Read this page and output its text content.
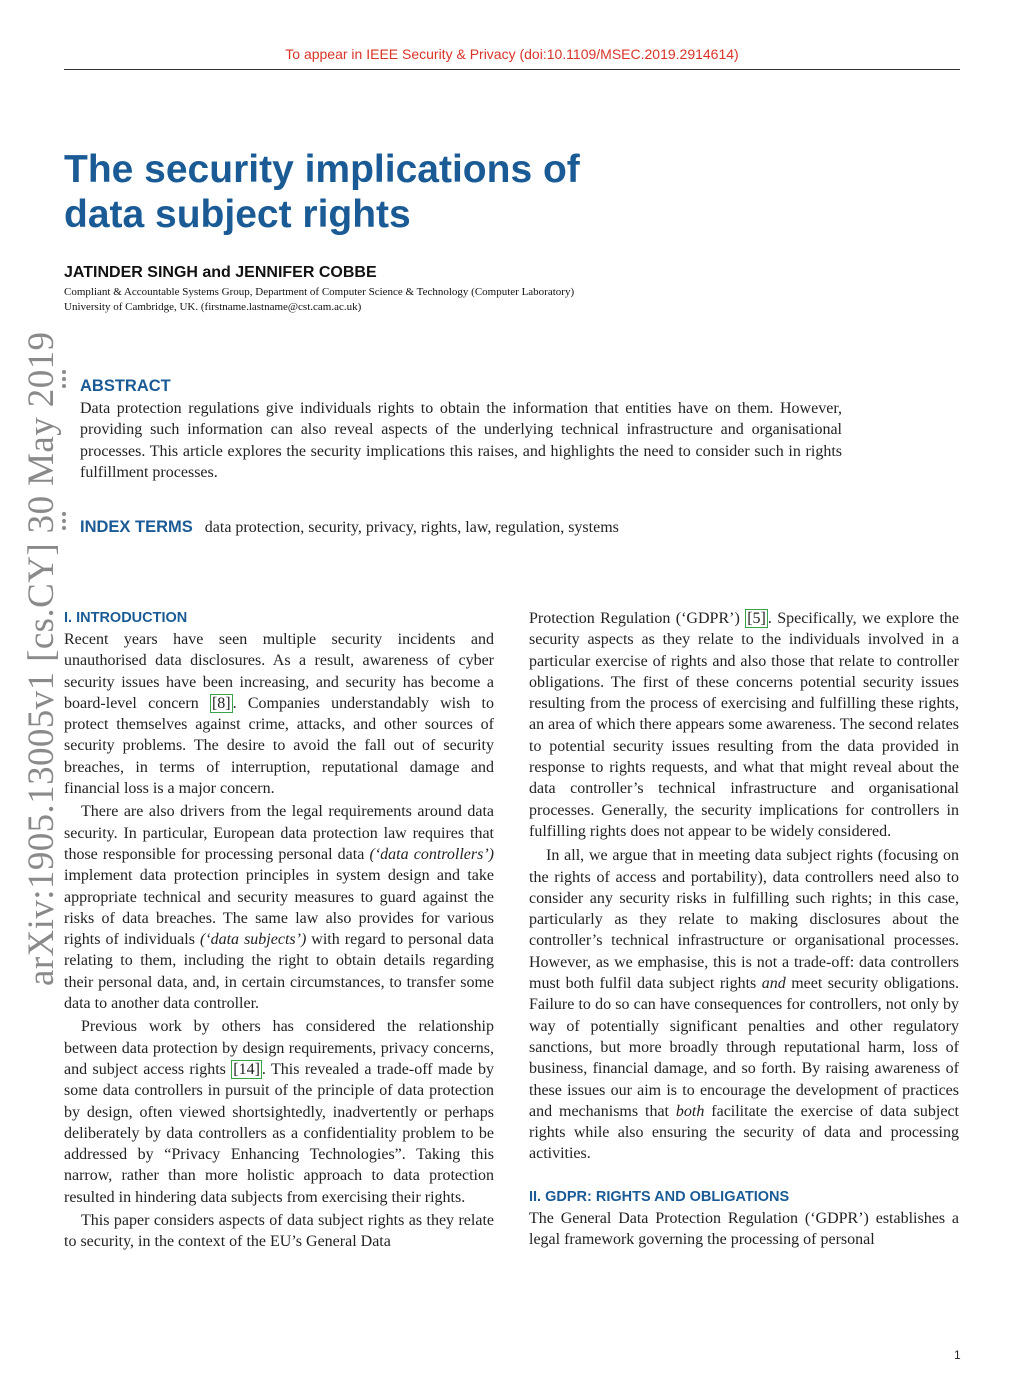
To appear in IEEE Security & Privacy (doi:10.1109/MSEC.2019.2914614)
The security implications of
data subject rights
JATINDER SINGH and JENNIFER COBBE
Compliant & Accountable Systems Group, Department of Computer Science & Technology (Computer Laboratory)
University of Cambridge, UK. (firstname.lastname@cst.cam.ac.uk)
arXiv:1905.13005v1 [cs.CY] 30 May 2019 ABSTRACT
Data protection regulations give individuals rights to obtain the information that entities have on them. However, providing such information can also reveal aspects of the underlying technical infrastructure and organisational processes. This article explores the security implications this raises, and highlights the need to consider such in rights fulfillment processes.
INDEX TERMS data protection, security, privacy, rights, law, regulation, systems
I. INTRODUCTION

Recent years have seen multiple security incidents and unauthorised data disclosures. As a result, awareness of cyber security issues have been increasing, and security has become a board-level concern [8] . Companies understandably wish to protect themselves against crime, attacks, and other sources of security problems. The desire to avoid the fall out of security breaches, in terms of interruption, reputational damage and financial loss is a major concern.

There are also drivers from the legal requirements around data security. In particular, European data protection law requires that those responsible for processing personal data (‘data controllers’) implement data protection principles in system design and take appropriate technical and security measures to guard against the risks of data breaches. The same law also provides for various rights of individuals (‘data subjects’) with regard to personal data relating to them, including the right to obtain details regarding their personal data, and, in certain circumstances, to transfer some data to another data controller.

Previous work by others has considered the relationship between data protection by design requirements, privacy concerns, and subject access rights [14] . This revealed a trade-off made by some data controllers in pursuit of the principle of data protection by design, often viewed shortsightedly, inadvertently or perhaps deliberately by data controllers as a confidentiality problem to be addressed by “Privacy Enhancing Technologies”. Taking this narrow, rather than more holistic approach to data protection resulted in hindering data subjects from exercising their rights.

This paper considers aspects of data subject rights as they relate to security, in the context of the EU’s General Data

Protection Regulation (‘GDPR’) [5] . Specifically, we explore the security aspects as they relate to the individuals involved in a particular exercise of rights and also those that relate to controller obligations. The first of these concerns potential security issues resulting from the process of exercising and fulfilling these rights, an area of which there appears some awareness. The second relates to potential security issues resulting from the data provided in response to rights requests, and what that might reveal about the data controller’s technical infrastructure and organisational processes. Generally, the security implications for controllers in fulfilling rights does not appear to be widely considered.

In all, we argue that in meeting data subject rights (focusing on the rights of access and portability), data controllers need also to consider any security risks in fulfilling such rights; in this case, particularly as they relate to making disclosures about the controller’s technical infrastructure or organisational processes. However, as we emphasise, this is not a trade-off: data controllers must both fulfil data subject rights and meet security obligations. Failure to do so can have consequences for controllers, not only by way of potentially significant penalties and other regulatory sanctions, but more broadly through reputational harm, loss of business, financial damage, and so forth. By raising awareness of these issues our aim is to encourage the development of practices and mechanisms that both facilitate the exercise of data subject rights while also ensuring the security of data and processing activities.

II. GDPR: RIGHTS AND OBLIGATIONS

The General Data Protection Regulation (‘GDPR’) establishes a legal framework governing the processing of personal

1
